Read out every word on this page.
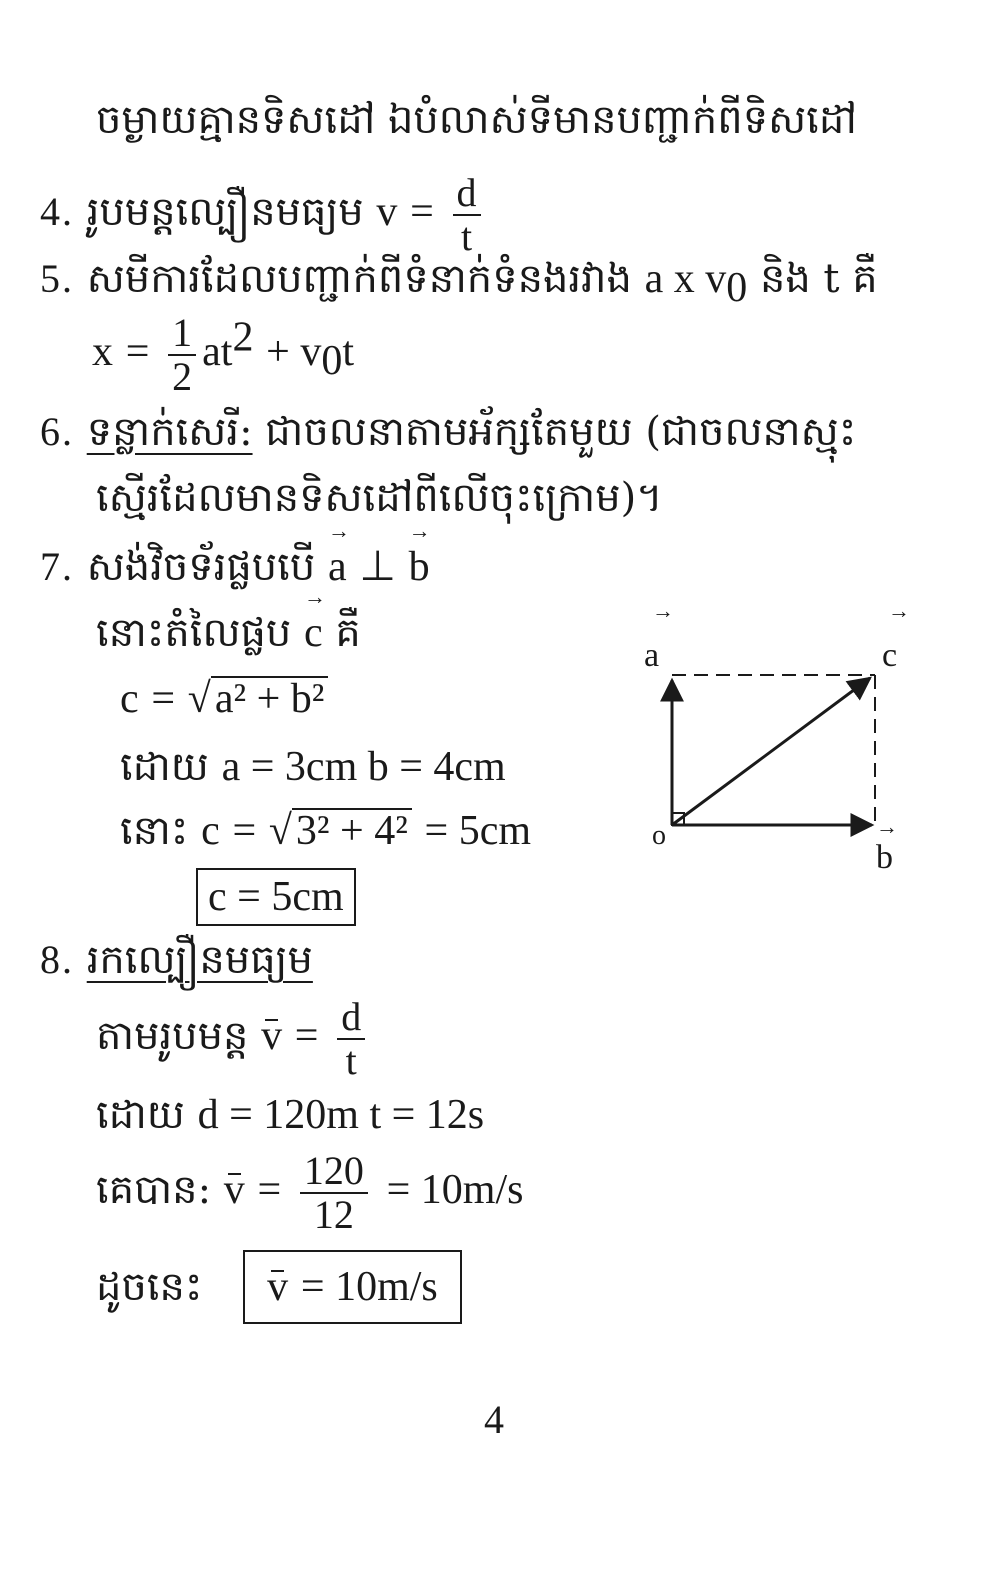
ចម្ងាយគ្មានទិសដៅ ឯបំលាស់ទីមានបញ្ជាក់ពីទិសដៅ
4. រូបមន្តល្បឿនមធ្យម $v = \frac{d}{t}$
5. សមីការដែលបញ្ជាក់ពីទំនាក់ទំនងរវាង a x $v_0$ និង t គឺ
$x = \frac{1}{2} at^2 + v_0t$
6. ទន្លាក់សេរី: ជាចលនាតាមអ័ក្សតែមួយ (ជាចលនាស្មុះ
ស្មើរដែលមានទិសដៅពីលើចុះក្រោម)។
7. សង់វិចទ័រផ្លបបើ → a ⊥ → b
នោះតំលៃផ្លប → c គឺ
c = √a² + b²
ដោយ a = 3cm b = 4cm
នោះ c = √3² + 4² = 5cm
c = 5cm
→
a
→
c
o	→
b
8. រកល្បឿនមធ្យម
តាមរូបមន្ត $v = \frac{d}{t}$
ដោយ d = 120m t = 12s
គេបាន: $v = \frac{120}{12} = 10m/s$
ដូចនេះ v = 10m/s
4
